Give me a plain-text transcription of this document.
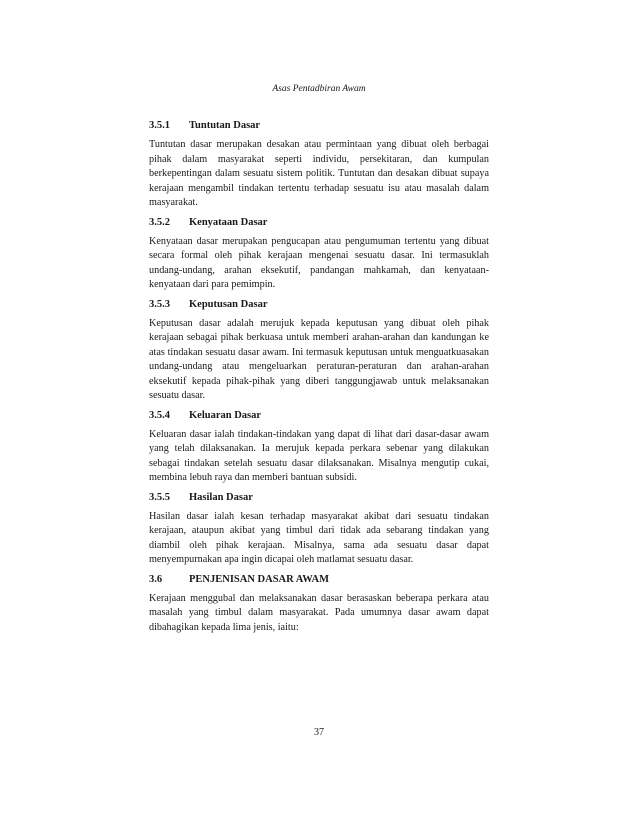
Asas Pentadbiran Awam
3.5.1	Tuntutan Dasar

Tuntutan dasar merupakan desakan atau permintaan yang dibuat oleh berbagai pihak dalam masyarakat seperti individu, persekitaran, dan kumpulan berkepentingan dalam sesuatu sistem politik. Tuntutan dan desakan dibuat supaya kerajaan mengambil tindakan tertentu terhadap sesuatu isu atau masalah dalam masyarakat.

3.5.2	Kenyataan Dasar

Kenyataan dasar merupakan pengucapan atau pengumuman tertentu yang dibuat secara formal oleh pihak kerajaan mengenai sesuatu dasar. Ini termasuklah undang-undang, arahan eksekutif, pandangan mahkamah, dan kenyataan-kenyataan dari para pemimpin.

3.5.3	Keputusan Dasar

Keputusan dasar adalah merujuk kepada keputusan yang dibuat oleh pihak kerajaan sebagai pihak berkuasa untuk memberi arahan-arahan dan kandungan ke atas tindakan sesuatu dasar awam. Ini termasuk keputusan untuk menguatkuasakan undang-undang atau mengeluarkan peraturan-peraturan dan arahan-arahan eksekutif kepada pihak-pihak yang diberi tanggungjawab untuk melaksanakan sesuatu dasar.

3.5.4	Keluaran Dasar

Keluaran dasar ialah tindakan-tindakan yang dapat di lihat dari dasar-dasar awam yang telah dilaksanakan. Ia merujuk kepada perkara sebenar yang dilakukan sebagai tindakan setelah sesuatu dasar dilaksanakan. Misalnya mengutip cukai, membina lebuh raya dan memberi bantuan subsidi.

3.5.5	Hasilan Dasar

Hasilan dasar ialah kesan terhadap masyarakat akibat dari sesuatu tindakan kerajaan, ataupun akibat yang timbul dari tidak ada sebarang tindakan yang diambil oleh pihak kerajaan. Misalnya, sama ada sesuatu dasar dapat menyempurnakan apa ingin dicapai oleh matlamat sesuatu dasar.

3.6	PENJENISAN DASAR AWAM

Kerajaan menggubal dan melaksanakan dasar berasaskan beberapa perkara atau masalah yang timbul dalam masyarakat. Pada umumnya dasar awam dapat dibahagikan kepada lima jenis, iaitu:

37
